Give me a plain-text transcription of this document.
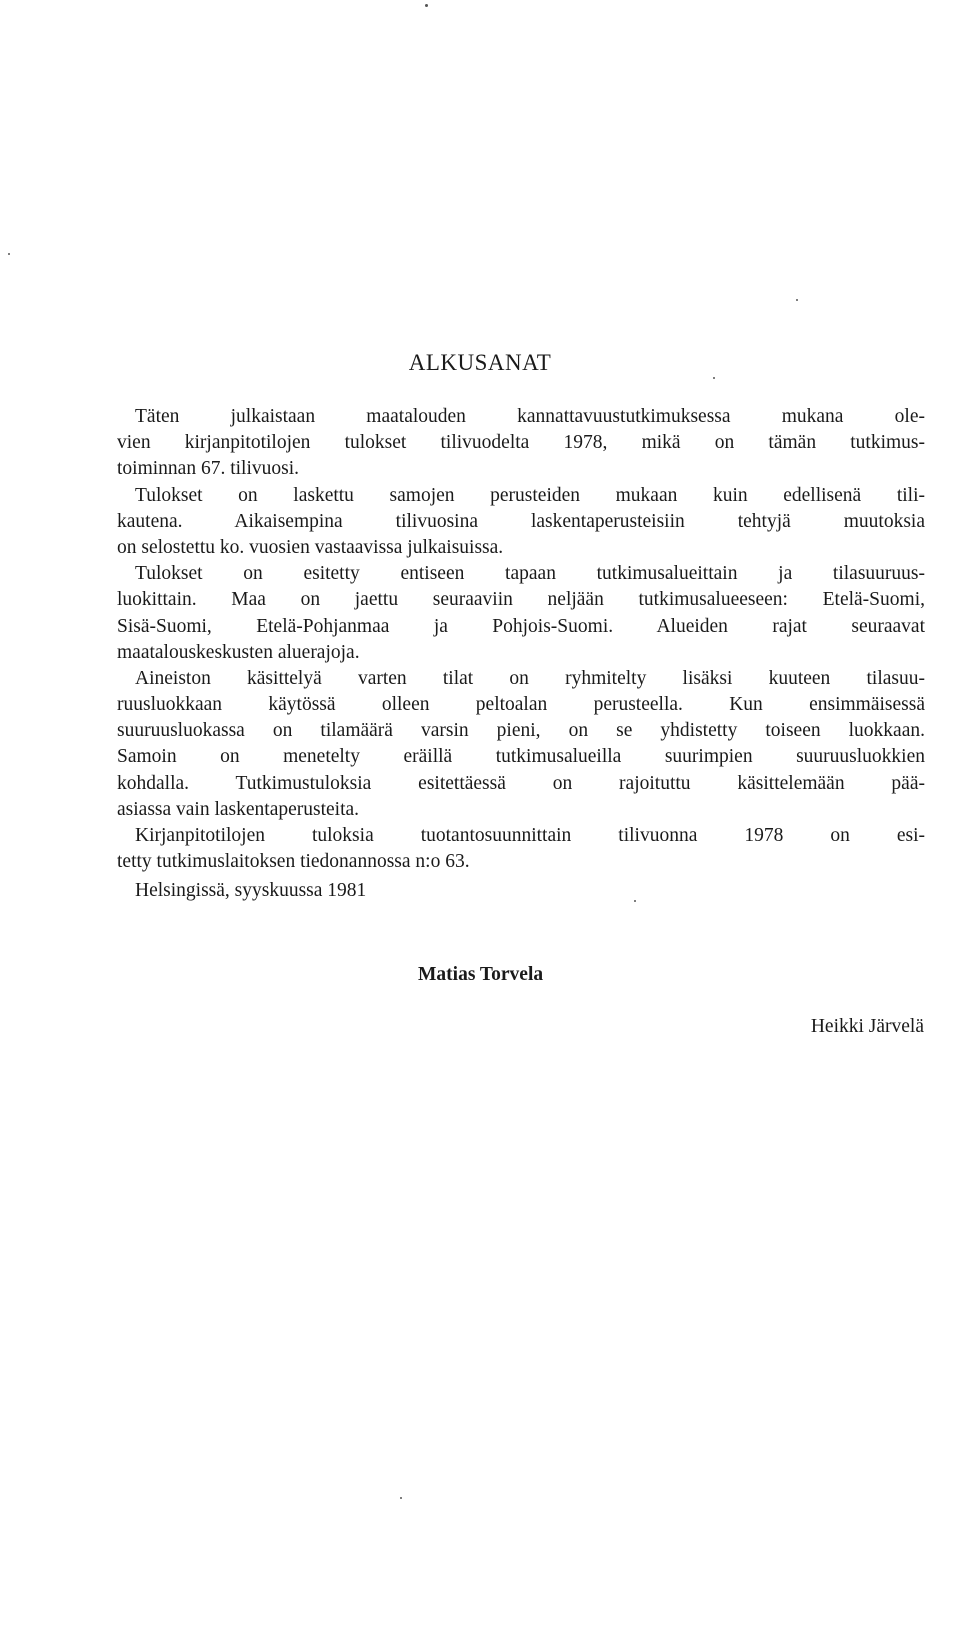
ALKUSANAT
Täten julkaistaan maatalouden kannattavuustutkimuksessa mukana ole-
vien kirjanpitotilojen tulokset tilivuodelta 1978, mikä on tämän tutkimus-
toiminnan 67. tilivuosi.
Tulokset on laskettu samojen perusteiden mukaan kuin edellisenä tili-
kautena. Aikaisempina tilivuosina laskentaperusteisiin tehtyjä muutoksia
on selostettu ko. vuosien vastaavissa julkaisuissa.
Tulokset on esitetty entiseen tapaan tutkimusalueittain ja tilasuuruus-
luokittain. Maa on jaettu seuraaviin neljään tutkimusalueeseen: Etelä-Suomi,
Sisä-Suomi, Etelä-Pohjanmaa ja Pohjois-Suomi. Alueiden rajat seuraavat
maatalouskeskusten aluerajoja.
Aineiston käsittelyä varten tilat on ryhmitelty lisäksi kuuteen tilasuu-
ruusluokkaan käytössä olleen peltoalan perusteella. Kun ensimmäisessä
suuruusluokassa on tilamäärä varsin pieni, on se yhdistetty toiseen luokkaan.
Samoin on menetelty eräillä tutkimusalueilla suurimpien suuruusluokkien
kohdalla. Tutkimustuloksia esitettäessä on rajoituttu käsittelemään pää-
asiassa vain laskentaperusteita.
Kirjanpitotilojen tuloksia tuotantosuunnittain tilivuonna 1978 on esi-
tetty tutkimuslaitoksen tiedonannossa n:o 63.
Helsingissä, syyskuussa 1981
Matias Torvela
Heikki Järvelä
